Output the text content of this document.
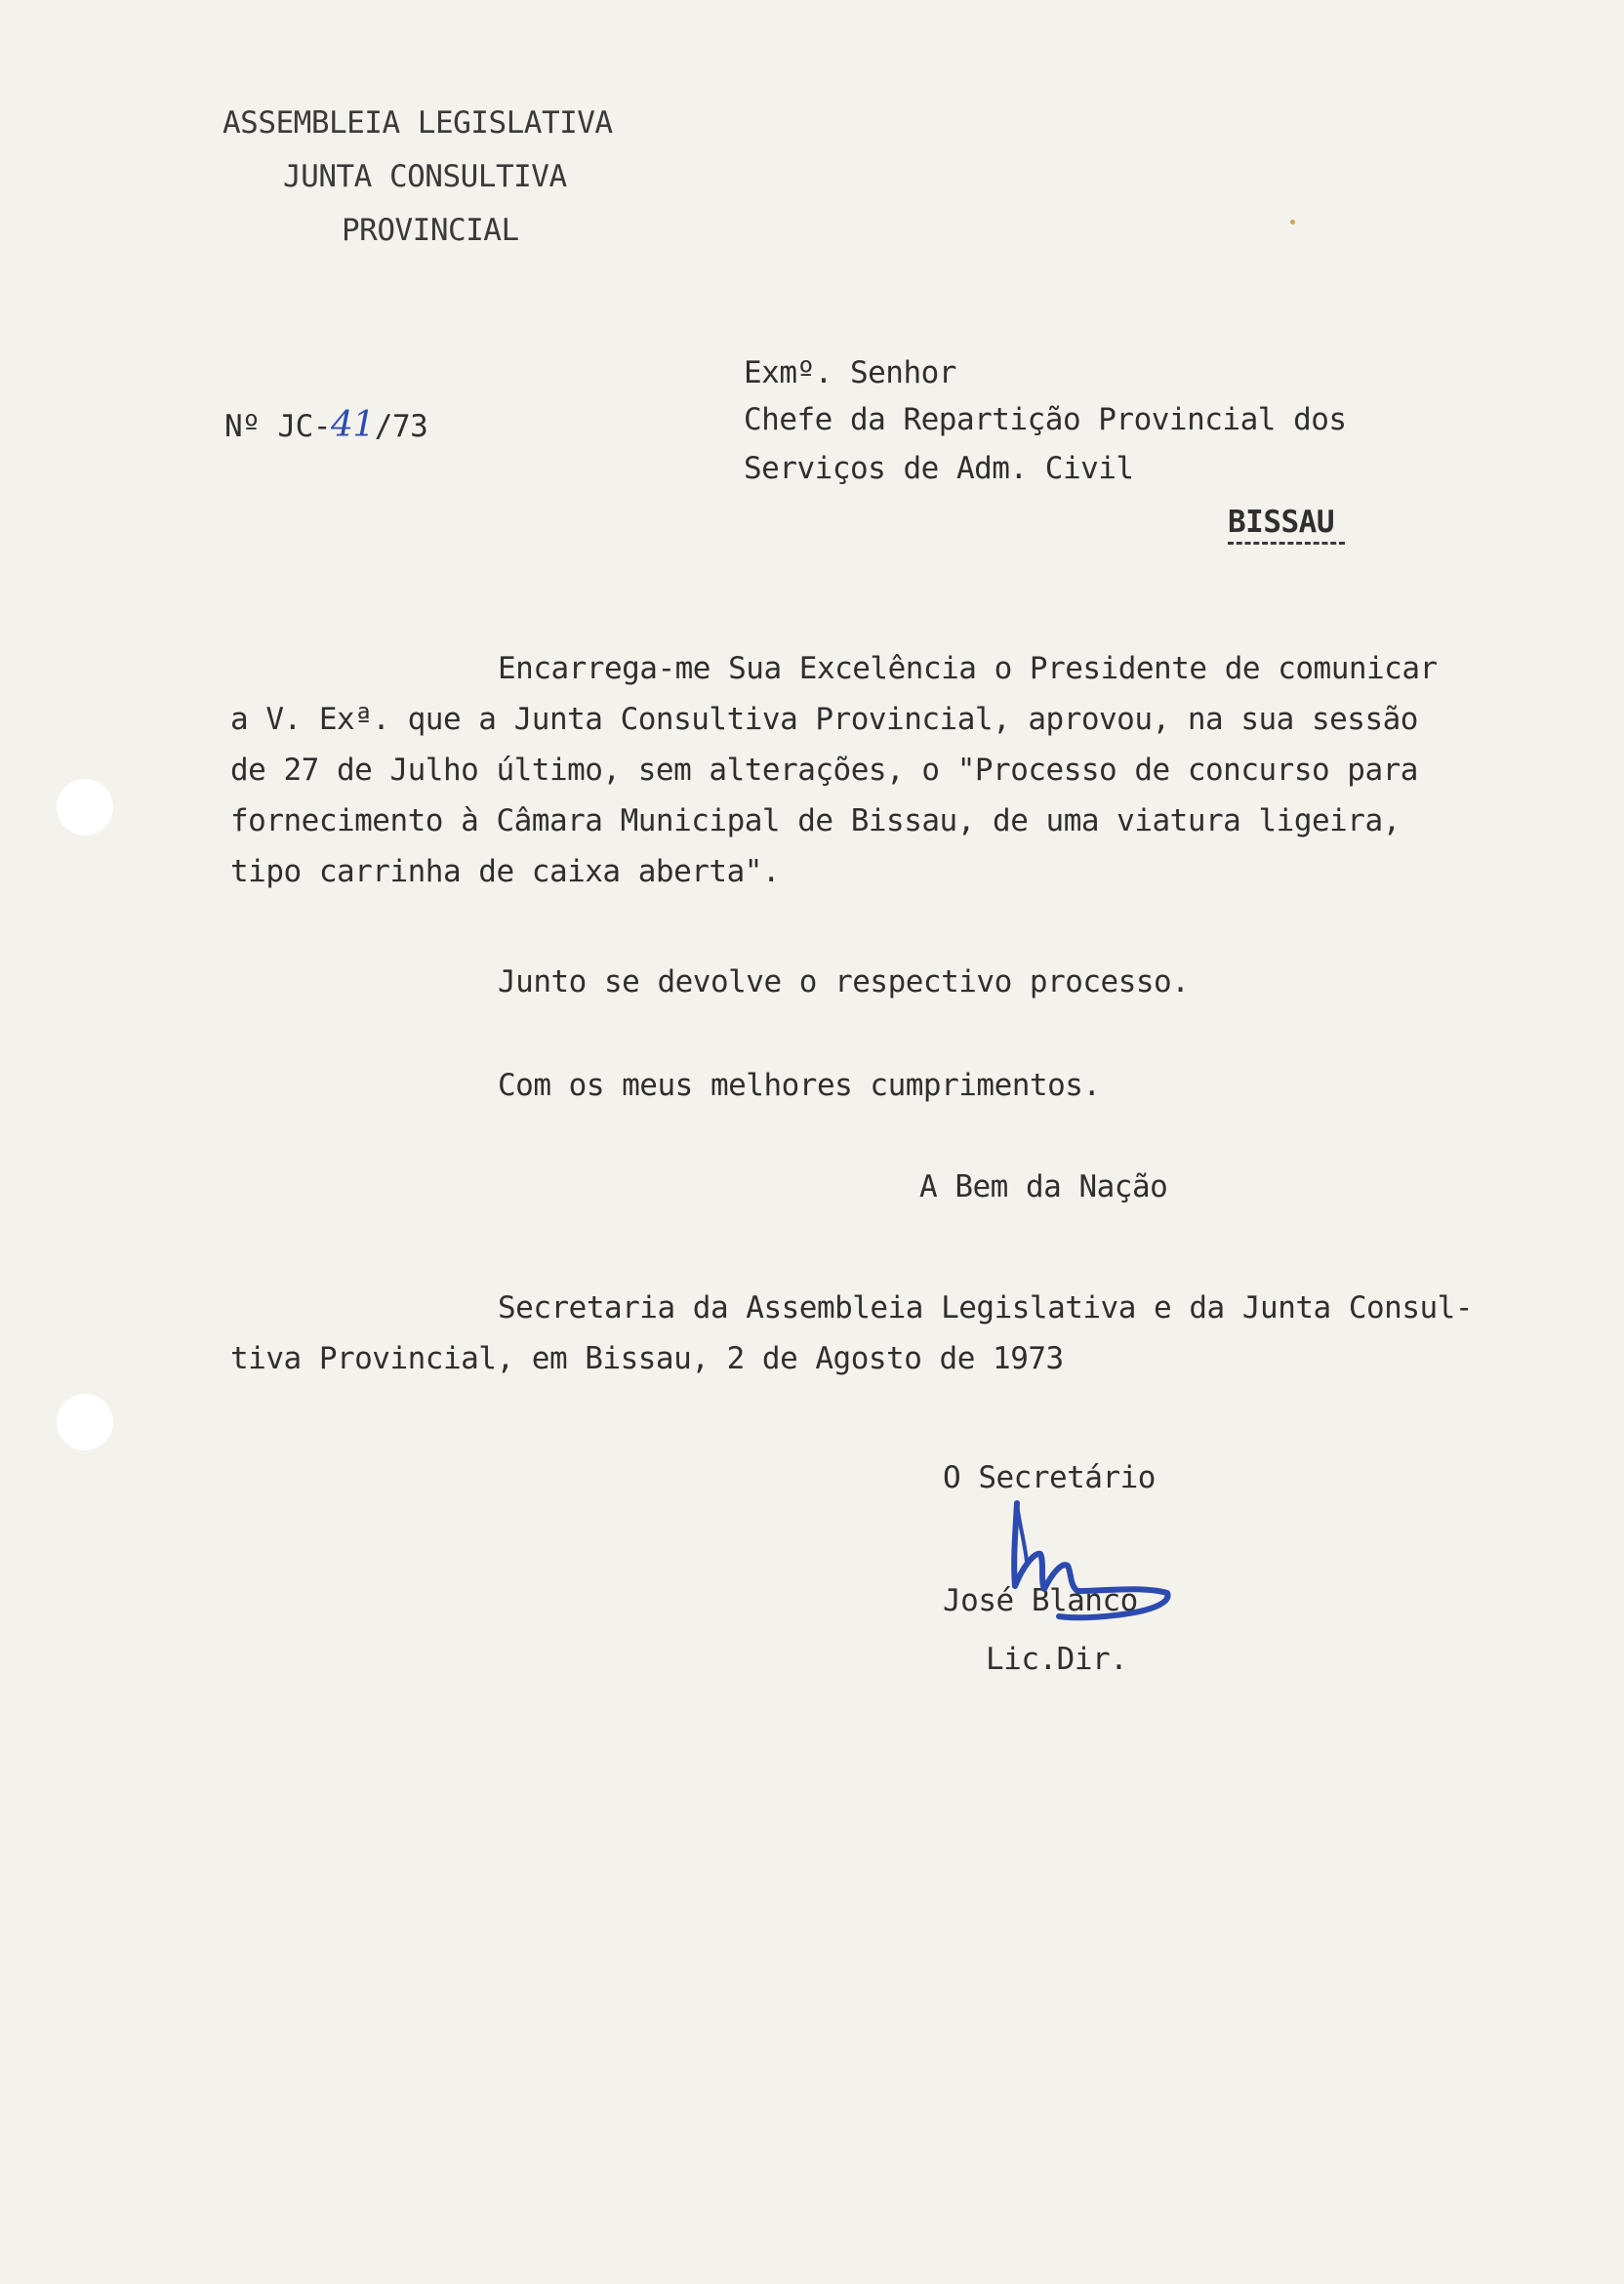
ASSEMBLEIA LEGISLATIVA
JUNTA CONSULTIVA
PROVINCIAL
Nº JC-41/73
Exmº. Senhor
Chefe da Repartição Provincial dos
Serviços de Adm. Civil
BISSAU
Encarrega-me Sua Excelência o Presidente de comunicar
a V. Exª. que a Junta Consultiva Provincial, aprovou, na sua sessão
de 27 de Julho último, sem alterações, o "Processo de concurso para
fornecimento à Câmara Municipal de Bissau, de uma viatura ligeira,
tipo carrinha de caixa aberta".
Junto se devolve o respectivo processo.
Com os meus melhores cumprimentos.
A Bem da Nação
Secretaria da Assembleia Legislativa e da Junta Consul-
tiva Provincial, em Bissau, 2 de Agosto de 1973
O Secretário
José Blanco
Lic.Dir.
